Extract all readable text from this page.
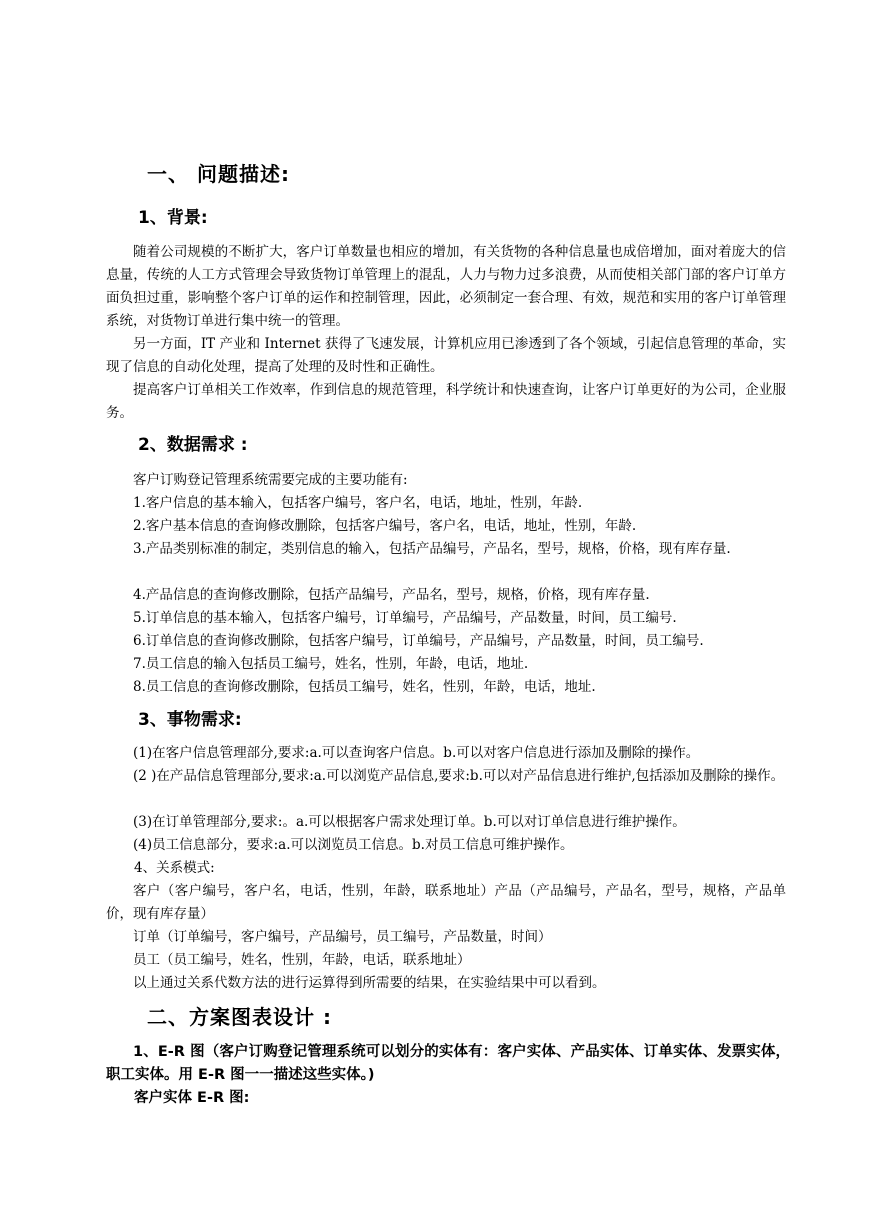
一、 问题描述:
1、背景:
随着公司规模的不断扩大，客户订单数量也相应的增加，有关货物的各种信息量也成倍增加，面对着庞大的信息量，传统的人工方式管理会导致货物订单管理上的混乱，人力与物力过多浪费，从而使相关部门部的客户订单方面负担过重，影响整个客户订单的运作和控制管理，因此，必须制定一套合理、有效，规范和实用的客户订单管理系统，对货物订单进行集中统一的管理。
另一方面，IT 产业和 Internet 获得了飞速发展，计算机应用已渗透到了各个领域，引起信息管理的革命，实现了信息的自动化处理，提高了处理的及时性和正确性。
提高客户订单相关工作效率，作到信息的规范管理，科学统计和快速查询，让客户订单更好的为公司，企业服务。
2、数据需求 :
客户订购登记管理系统需要完成的主要功能有:
1.客户信息的基本输入，包括客户编号，客户名，电话，地址，性别，年龄.
2.客户基本信息的查询修改删除，包括客户编号，客户名，电话，地址，性别，年龄.
3.产品类别标准的制定，类别信息的输入，包括产品编号，产品名，型号，规格，价格，现有库存量.
4.产品信息的查询修改删除，包括产品编号，产品名，型号，规格，价格，现有库存量.
5.订单信息的基本输入，包括客户编号，订单编号，产品编号，产品数量，时间，员工编号.
6.订单信息的查询修改删除，包括客户编号，订单编号，产品编号，产品数量，时间，员工编号.
7.员工信息的输入包括员工编号，姓名，性别，年龄，电话，地址.
8.员工信息的查询修改删除，包括员工编号，姓名，性别，年龄，电话，地址.
3、事物需求:
(1)在客户信息管理部分,要求:a.可以查询客户信息。b.可以对客户信息进行添加及删除的操作。
(2 )在产品信息管理部分,要求:a.可以浏览产品信息,要求:b.可以对产品信息进行维护,包括添加及删除的操作。
(3)在订单管理部分,要求:。a.可以根据客户需求处理订单。b.可以对订单信息进行维护操作。
(4)员工信息部分，要求:a.可以浏览员工信息。b.对员工信息可维护操作。
4、关系模式:
客户（客户编号，客户名，电话，性别，年龄，联系地址）产品（产品编号，产品名，型号，规格，产品单价，现有库存量）
订单（订单编号，客户编号，产品编号，员工编号，产品数量，时间）
员工（员工编号，姓名，性别，年龄，电话，联系地址）
以上通过关系代数方法的进行运算得到所需要的结果，在实验结果中可以看到。
二、方案图表设计 :
1、E-R 图（客户订购登记管理系统可以划分的实体有：客户实体、产品实体、订单实体、发票实体，职工实体。用 E-R 图一一描述这些实体。)
客户实体 E-R 图:
